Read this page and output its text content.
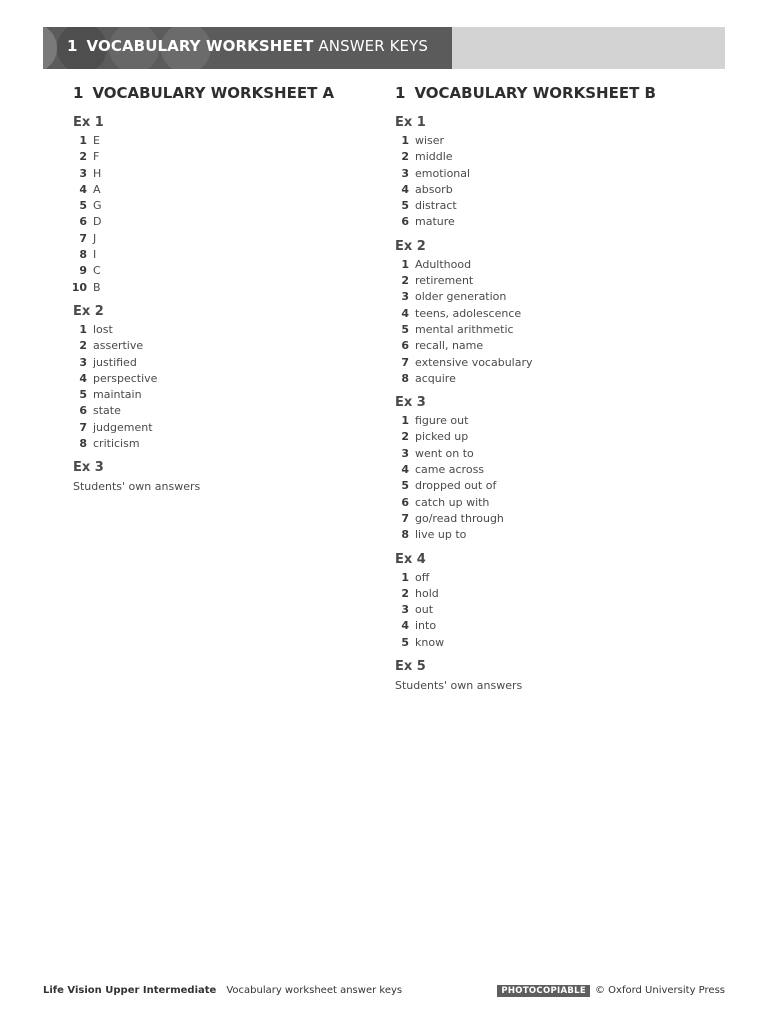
1 VOCABULARY WORKSHEET ANSWER KEYS
1 VOCABULARY WORKSHEET A
Ex 1
1 E
2 F
3 H
4 A
5 G
6 D
7 J
8 I
9 C
10 B
Ex 2
1 lost
2 assertive
3 justified
4 perspective
5 maintain
6 state
7 judgement
8 criticism
Ex 3
Students' own answers
1 VOCABULARY WORKSHEET B
Ex 1
1 wiser
2 middle
3 emotional
4 absorb
5 distract
6 mature
Ex 2
1 Adulthood
2 retirement
3 older generation
4 teens, adolescence
5 mental arithmetic
6 recall, name
7 extensive vocabulary
8 acquire
Ex 3
1 figure out
2 picked up
3 went on to
4 came across
5 dropped out of
6 catch up with
7 go/read through
8 live up to
Ex 4
1 off
2 hold
3 out
4 into
5 know
Ex 5
Students' own answers
Life Vision Upper Intermediate Vocabulary worksheet answer keys	PHOTOCOPIABLE © Oxford University Press
